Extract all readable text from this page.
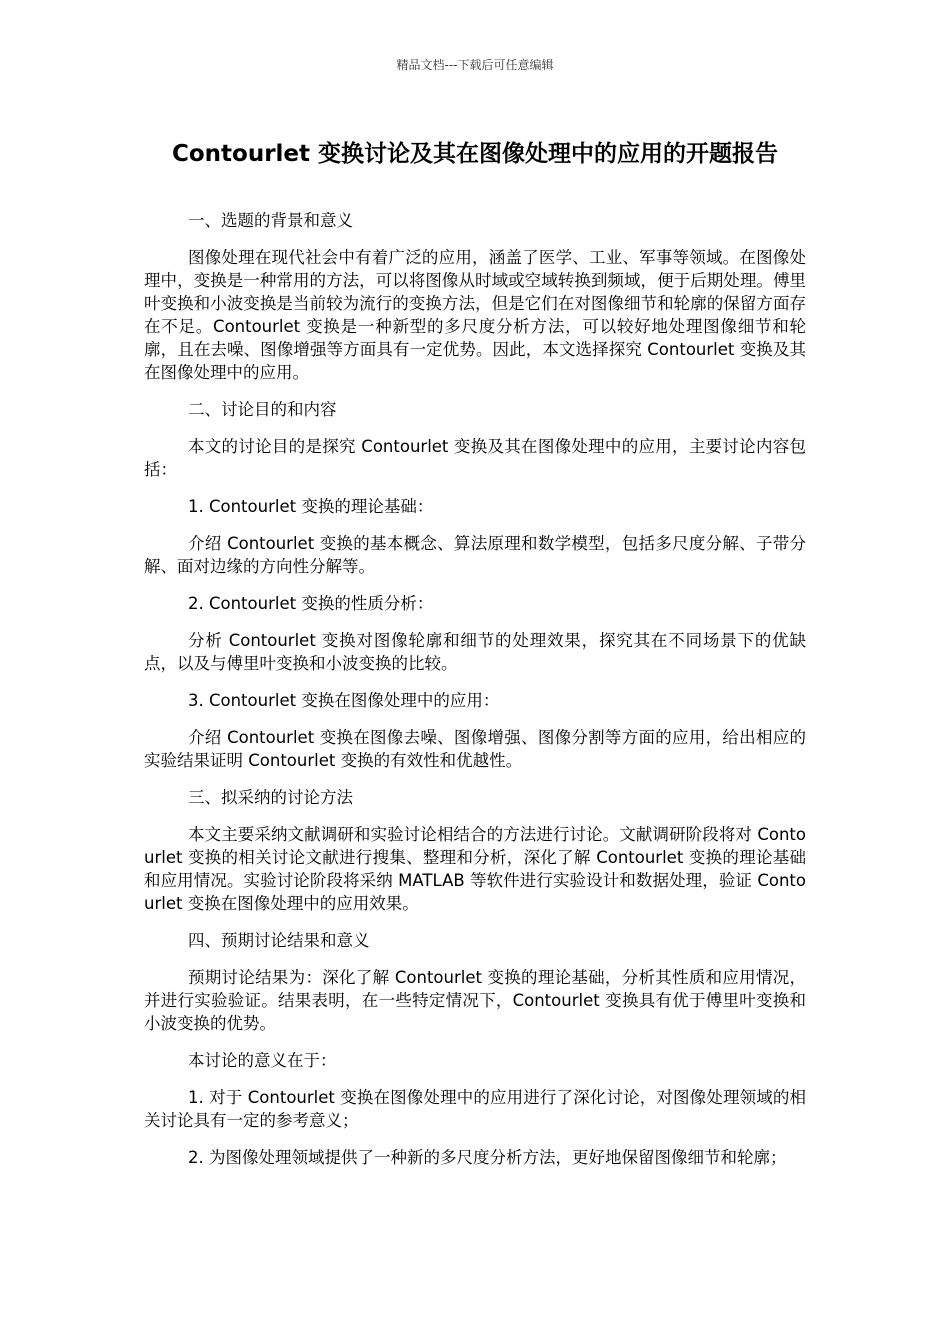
精品文档---下载后可任意编辑
Contourlet 变换讨论及其在图像处理中的应用的开题报告

一、选题的背景和意义

图像处理在现代社会中有着广泛的应用，涵盖了医学、工业、军事等领域。在图像处理中，变换是一种常用的方法，可以将图像从时域或空域转换到频域，便于后期处理。傅里叶变换和小波变换是当前较为流行的变换方法，但是它们在对图像细节和轮廓的保留方面存在不足。Contourlet 变换是一种新型的多尺度分析方法，可以较好地处理图像细节和轮廓，且在去噪、图像增强等方面具有一定优势。因此，本文选择探究 Contourlet 变换及其在图像处理中的应用。

二、讨论目的和内容

本文的讨论目的是探究 Contourlet 变换及其在图像处理中的应用，主要讨论内容包括：

1. Contourlet 变换的理论基础：

介绍 Contourlet 变换的基本概念、算法原理和数学模型，包括多尺度分解、子带分解、面对边缘的方向性分解等。

2. Contourlet 变换的性质分析：

分析 Contourlet 变换对图像轮廓和细节的处理效果，探究其在不同场景下的优缺点，以及与傅里叶变换和小波变换的比较。

3. Contourlet 变换在图像处理中的应用：

介绍 Contourlet 变换在图像去噪、图像增强、图像分割等方面的应用，给出相应的实验结果证明 Contourlet 变换的有效性和优越性。

三、拟采纳的讨论方法

本文主要采纳文献调研和实验讨论相结合的方法进行讨论。文献调研阶段将对 Contourlet 变换的相关讨论文献进行搜集、整理和分析，深化了解 Contourlet 变换的理论基础和应用情况。实验讨论阶段将采纳 MATLAB 等软件进行实验设计和数据处理，验证 Contourlet 变换在图像处理中的应用效果。

四、预期讨论结果和意义

预期讨论结果为：深化了解 Contourlet 变换的理论基础，分析其性质和应用情况，并进行实验验证。结果表明，在一些特定情况下，Contourlet 变换具有优于傅里叶变换和小波变换的优势。

本讨论的意义在于：

1. 对于 Contourlet 变换在图像处理中的应用进行了深化讨论，对图像处理领域的相关讨论具有一定的参考意义；

2. 为图像处理领域提供了一种新的多尺度分析方法，更好地保留图像细节和轮廓；
